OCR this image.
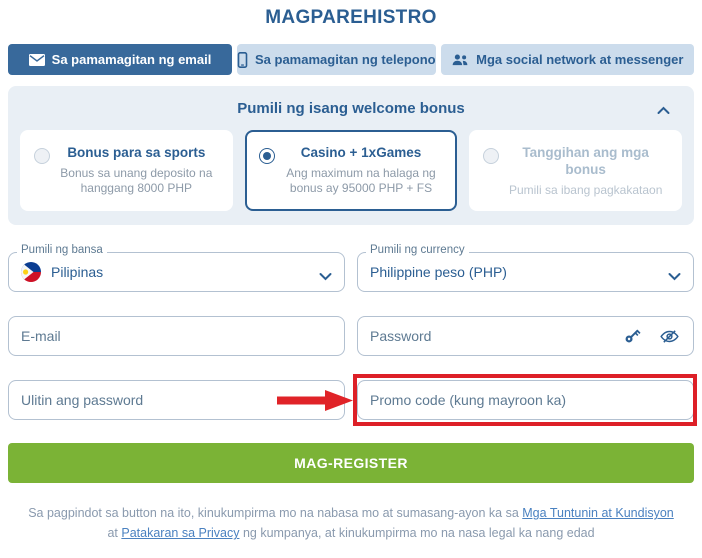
MAGPAREHISTRO
Sa pamamagitan ng email	Sa pamamagitan ng telepono	Mga social network at messenger
Pumili ng isang welcome bonus
Bonus para sa sports
Bonus sa unang deposito na hanggang 8000 PHP
Casino + 1xGames
Ang maximum na halaga ng bonus ay 95000 PHP + FS
Tanggihan ang mga bonus
Pumili sa ibang pagkakataon
Pumili ng bansa
Pilipinas
Pumili ng currency
Philippine peso (PHP)
E-mail
Password
Ulitin ang password
Promo code (kung mayroon ka)
MAG-REGISTER
Sa pagpindot sa button na ito, kinukumpirma mo na nabasa mo at sumasang-ayon ka sa Mga Tuntunin at Kundisyon at Patakaran sa Privacy ng kumpanya, at kinukumpirma mo na nasa legal ka nang edad
